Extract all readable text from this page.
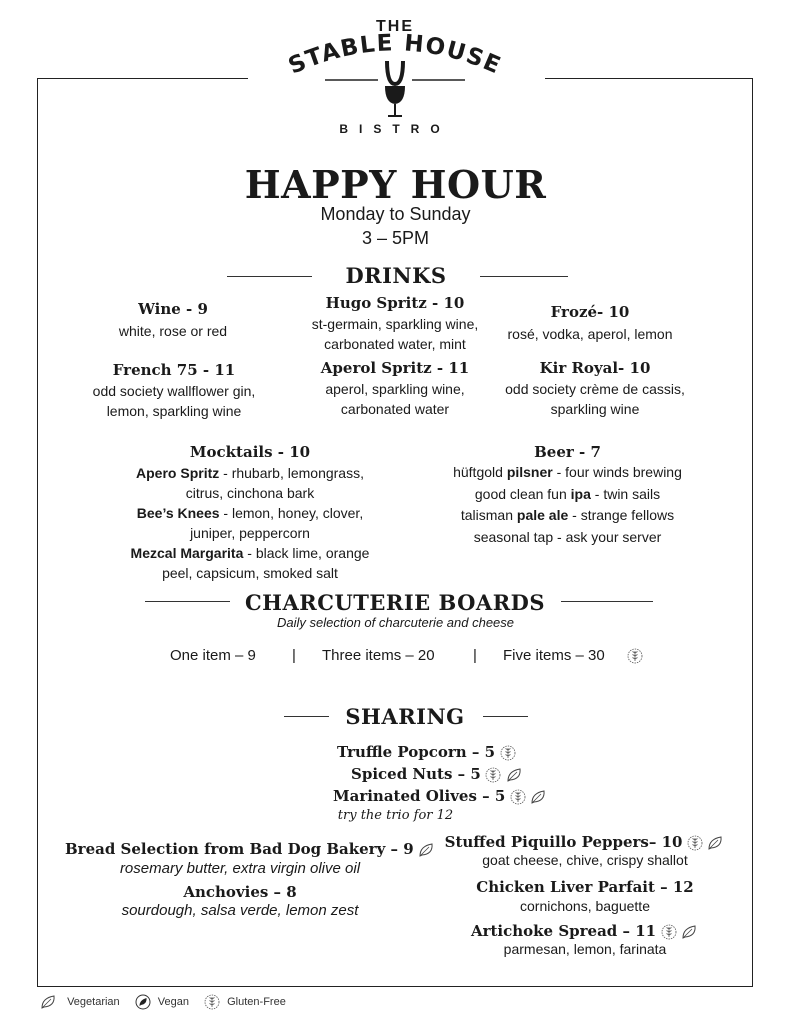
THE
STABLE HOUSE
BISTRO
HAPPY HOUR
Monday to Sunday
3 – 5PM
DRINKS
Wine - 9
white, rose or red
Hugo Spritz - 10
st-germain, sparkling wine,
carbonated water, mint
Frozé- 10
rosé, vodka, aperol, lemon
French 75 - 11
odd society wallflower gin,
lemon, sparkling wine
Aperol Spritz - 11
aperol, sparkling wine,
carbonated water
Kir Royal- 10
odd society crème de cassis,
sparkling wine
Mocktails - 10
Apero Spritz - rhubarb, lemongrass,
citrus, cinchona bark
Bee’s Knees - lemon, honey, clover,
juniper, peppercorn
Mezcal Margarita - black lime, orange
peel, capsicum, smoked salt
Beer - 7
hüftgold pilsner - four winds brewing
good clean fun ipa - twin sails
talisman pale ale - strange fellows
seasonal tap - ask your server
CHARCUTERIE BOARDS
Daily selection of charcuterie and cheese
One item – 9 | Three items – 20	| Five items – 30
SHARING
Truffle Popcorn – 5
Spiced Nuts – 5
Marinated Olives – 5
try the trio for 12
Bread Selection from Bad Dog Bakery – 9
rosemary butter, extra virgin olive oil
Anchovies – 8
sourdough, salsa verde, lemon zest
Stuffed Piquillo Peppers– 10
goat cheese, chive, crispy shallot
Chicken Liver Parfait – 12
cornichons, baguette
Artichoke Spread – 11
parmesan, lemon, farinata
Vegetarian	Vegan	Gluten-Free
